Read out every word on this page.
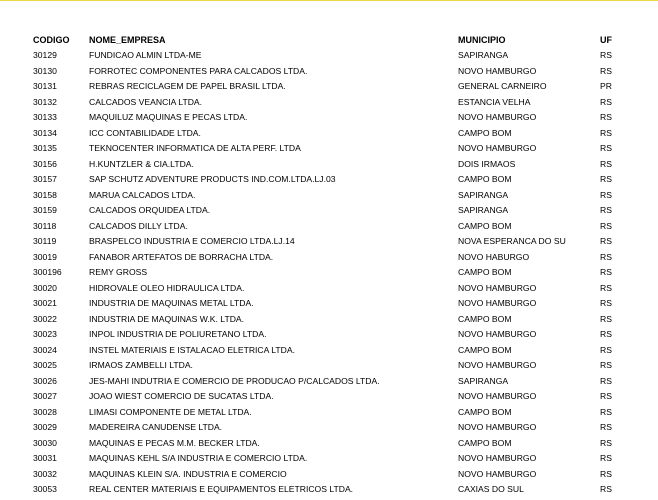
CODIGO NOME_EMPRESA	MUNICIPIO	UF
30129	FUNDICAO ALMIN LTDA-ME	SAPIRANGA	RS
30130	FORROTEC COMPONENTES PARA CALCADOS LTDA.	NOVO HAMBURGO	RS
30131	REBRAS RECICLAGEM DE PAPEL BRASIL LTDA.	GENERAL CARNEIRO	PR
30132	CALCADOS VEANCIA LTDA.	ESTANCIA VELHA	RS
30133	MAQUILUZ MAQUINAS E PECAS LTDA.	NOVO HAMBURGO	RS
30134	ICC CONTABILIDADE LTDA.	CAMPO BOM	RS
30135	TEKNOCENTER INFORMATICA DE ALTA PERF. LTDA	NOVO HAMBURGO	RS
30156	H.KUNTZLER & CIA.LTDA.	DOIS IRMAOS	RS
30157	SAP SCHUTZ ADVENTURE PRODUCTS IND.COM.LTDA.LJ.03	CAMPO BOM	RS
30158	MARUA CALCADOS LTDA.	SAPIRANGA	RS
30159	CALCADOS ORQUIDEA LTDA.	SAPIRANGA	RS
30118	CALCADOS DILLY LTDA.	CAMPO BOM	RS
30119	BRASPELCO INDUSTRIA E COMERCIO LTDA.LJ.14	NOVA ESPERANCA DO SU	RS
30019	FANABOR ARTEFATOS DE BORRACHA LTDA.	NOVO HABURGO	RS
300196	REMY GROSS	CAMPO BOM	RS
30020	HIDROVALE OLEO HIDRAULICA LTDA.	NOVO HAMBURGO	RS
30021	INDUSTRIA DE MAQUINAS METAL LTDA.	NOVO HAMBURGO	RS
30022	INDUSTRIA DE MAQUINAS W.K. LTDA.	CAMPO BOM	RS
30023	INPOL INDUSTRIA DE POLIURETANO LTDA.	NOVO HAMBURGO	RS
30024	INSTEL MATERIAIS E ISTALACAO ELETRICA LTDA.	CAMPO BOM	RS
30025	IRMAOS ZAMBELLI LTDA.	NOVO HAMBURGO	RS
30026	JES-MAHI INDUTRIA E COMERCIO DE PRODUCAO P/CALCADOS LTDA.	SAPIRANGA	RS
30027	JOAO WIEST COMERCIO DE SUCATAS LTDA.	NOVO HAMBURGO	RS
30028	LIMASI COMPONENTE DE METAL LTDA.	CAMPO BOM	RS
30029	MADEREIRA CANUDENSE LTDA.	NOVO HAMBURGO	RS
30030	MAQUINAS E PECAS M.M. BECKER LTDA.	CAMPO BOM	RS
30031	MAQUINAS KEHL S/A INDUSTRIA E COMERCIO LTDA.	NOVO HAMBURGO	RS
30032	MAQUINAS KLEIN S/A. INDUSTRIA E COMERCIO	NOVO HAMBURGO	RS
30053	REAL CENTER MATERIAIS E EQUIPAMENTOS ELETRICOS LTDA.	CAXIAS DO SUL	RS
